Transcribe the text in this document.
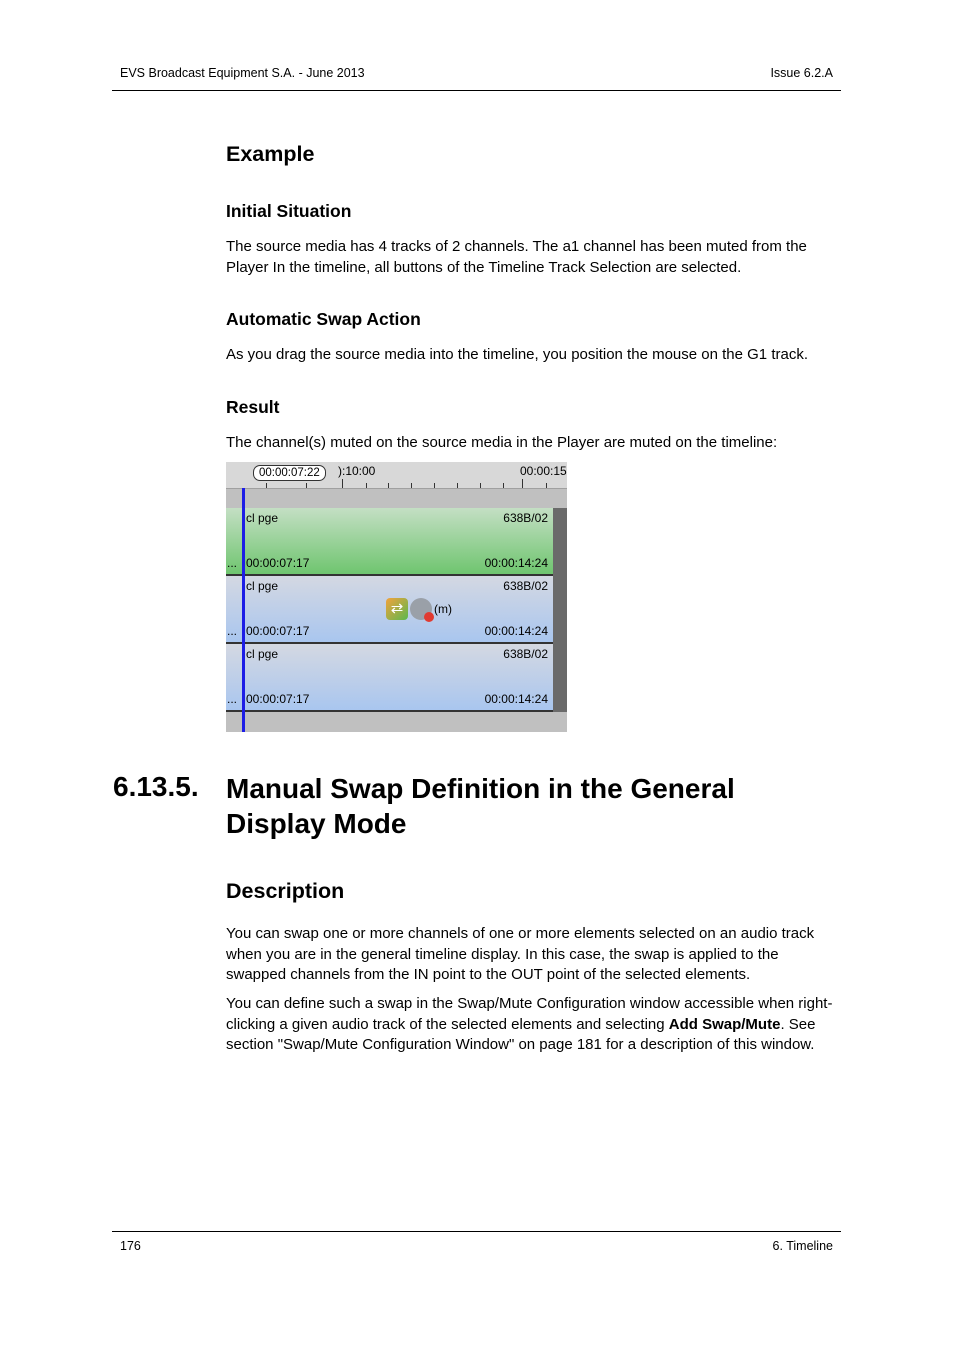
EVS Broadcast Equipment S.A. - June 2013	Issue 6.2.A
Example
Initial Situation
The source media has 4 tracks of 2 channels. The a1 channel has been muted from the Player In the timeline, all buttons of the Timeline Track Selection are selected.
Automatic Swap Action
As you drag the source media into the timeline, you position the mouse on the G1 track.
Result
The channel(s) muted on the source media in the Player are muted on the timeline:
00:00:07:22	):10:00	00:00:15
cl pge	638B/02
... 00:00:07:17	00:00:14:24
cl pge	638B/02
⇄	(m)
... 00:00:07:17	00:00:14:24
cl pge	638B/02
... 00:00:07:17	00:00:14:24
6.13.5. Manual Swap Definition in the General Display Mode
Description
You can swap one or more channels of one or more elements selected on an audio track when you are in the general timeline display. In this case, the swap is applied to the swapped channels from the IN point to the OUT point of the selected elements.
You can define such a swap in the Swap/Mute Configuration window accessible when right-clicking a given audio track of the selected elements and selecting Add Swap/Mute. See section "Swap/Mute Configuration Window" on page 181 for a description of this window.
176	6. Timeline
